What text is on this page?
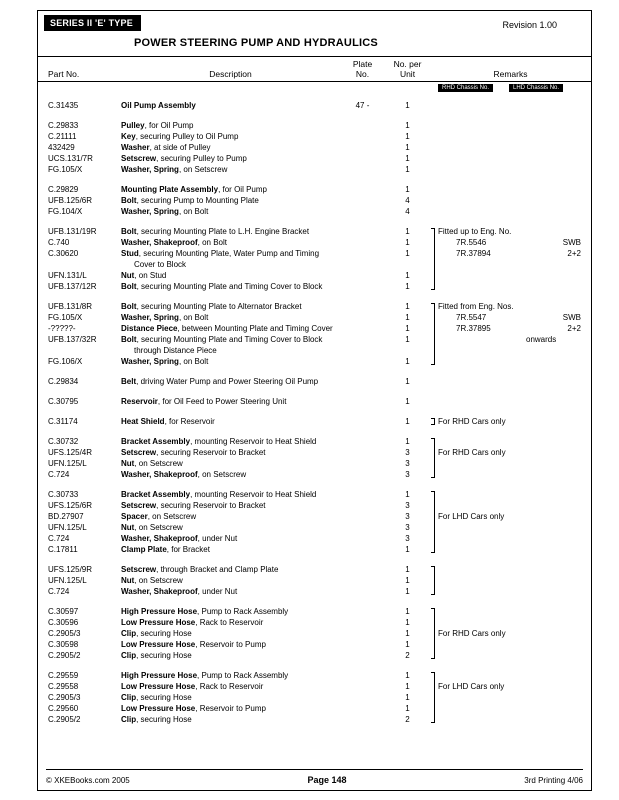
SERIES II 'E' TYPE	Revision 1.00
POWER STEERING PUMP AND HYDRAULICS
Part No.	Description
Plate
No.
No. per
Unit	Remarks
RHD Chassis No.	LHD Chassis No.
C.31435	Oil Pump Assembly	47 -	1
C.29833	Pulley, for Oil Pump	1
C.21111	Key, securing Pulley to Oil Pump	1
432429	Washer, at side of Pulley	1
UCS.131/7R	Setscrew, securing Pulley to Pump	1
FG.105/X	Washer, Spring, on Setscrew	1
C.29829	Mounting Plate Assembly, for Oil Pump	1
UFB.125/6R	Bolt, securing Pump to Mounting Plate	4
FG.104/X	Washer, Spring, on Bolt	4
UFB.131/19R	Bolt, securing Mounting Plate to L.H. Engine Bracket	1	Fitted up to Eng. No.
C.740	Washer, Shakeproof, on Bolt	1	7R.5546	SWB
C.30620	Stud, securing Mounting Plate, Water Pump and Timing	1	7R.37894	2+2
Cover to Block
UFN.131/L	Nut, on Stud	1
UFB.137/12R	Bolt, securing Mounting Plate and Timing Cover to Block	1
UFB.131/8R	Bolt, securing Mounting Plate to Alternator Bracket	1	Fitted from Eng. Nos.
FG.105/X	Washer, Spring, on Bolt	1	7R.5547	SWB
-?????-	Distance Piece, between Mounting Plate and Timing Cover	1	7R.37895	2+2
UFB.137/32R	Bolt, securing Mounting Plate and Timing Cover to Block	1	onwards
through Distance Piece
FG.106/X	Washer, Spring, on Bolt	1
C.29834	Belt, driving Water Pump and Power Steering Oil Pump	1
C.30795	Reservoir, for Oil Feed to Power Steering Unit	1
C.31174	Heat Shield, for Reservoir	1	For RHD Cars only
C.30732	Bracket Assembly, mounting Reservoir to Heat Shield	1
UFS.125/4R	Setscrew, securing Reservoir to Bracket	3	For RHD Cars only
UFN.125/L	Nut, on Setscrew	3
C.724	Washer, Shakeproof, on Setscrew	3
C.30733	Bracket Assembly, mounting Reservoir to Heat Shield	1
UFS.125/6R	Setscrew, securing Reservoir to Bracket	3
BD.27907	Spacer, on Setscrew	3	For LHD Cars only
UFN.125/L	Nut, on Setscrew	3
C.724	Washer, Shakeproof, under Nut	3
C.17811	Clamp Plate, for Bracket	1
UFS.125/9R	Setscrew, through Bracket and Clamp Plate	1
UFN.125/L	Nut, on Setscrew	1
C.724	Washer, Shakeproof, under Nut	1
C.30597	High Pressure Hose, Pump to Rack Assembly	1
C.30596	Low Pressure Hose, Rack to Reservoir	1
C.2905/3	Clip, securing Hose	1	For RHD Cars only
C.30598	Low Pressure Hose, Reservoir to Pump	1
C.2905/2	Clip, securing Hose	2
C.29559	High Pressure Hose, Pump to Rack Assembly	1
C.29558	Low Pressure Hose, Rack to Reservoir	1	For LHD Cars only
C.2905/3	Clip, securing Hose	1
C.29560	Low Pressure Hose, Reservoir to Pump	1
C.2905/2	Clip, securing Hose	2
© XKEBooks.com 2005	Page 148	3rd Printing 4/06
